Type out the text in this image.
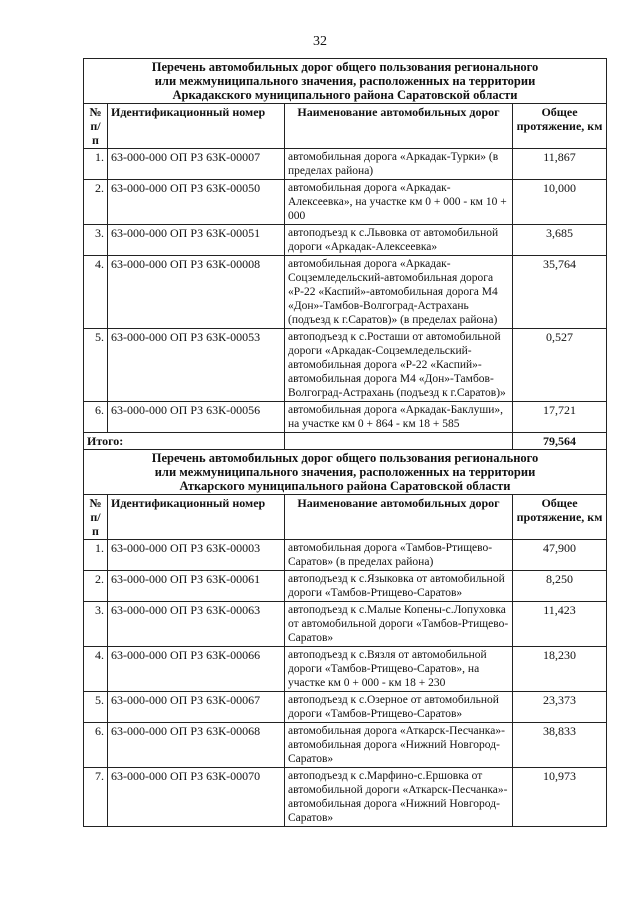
32
Перечень автомобильных дорог общего пользования регионального
или межмуниципального значения, расположенных на территории
Аркадакского муниципального района Саратовской области			

№ п/п	Идентификационный номер	Наименование автомобильных дорог	Общее протяжение, км
1.	63-000-000 ОП РЗ 63К-00007	автомобильная дорога «Аркадак-Турки» (в пределах района)	11,867
2.	63-000-000 ОП РЗ 63К-00050	автомобильная дорога «Аркадак-Алексеевка», на участке км 0 + 000 - км 10 + 000	10,000
3.	63-000-000 ОП РЗ 63К-00051	автоподъезд к с.Львовка от автомобильной дороги «Аркадак-Алексеевка»	3,685
4.	63-000-000 ОП РЗ 63К-00008	автомобильная дорога «Аркадак-Соцземледельский-автомобильная дорога «Р-22 «Каспий»-автомобильная дорога М4 «Дон»-Тамбов-Волгоград-Астрахань (подъезд к г.Саратов)» (в пределах района)	35,764
5.	63-000-000 ОП РЗ 63К-00053	автоподъезд к с.Росташи от автомобильной дороги «Аркадак-Соцземледельский-автомобильная дорога «Р-22 «Каспий»-автомобильная дорога М4 «Дон»-Тамбов-Волгоград-Астрахань (подъезд к г.Саратов)»	0,527
6.	63-000-000 ОП РЗ 63К-00056	автомобильная дорога «Аркадак-Баклуши», на участке км 0 + 864 - км 18 + 585	17,721
Итого:			79,564

Перечень автомобильных дорог общего пользования регионального
или межмуниципального значения, расположенных на территории
Аткарского муниципального района Саратовской области			

№ п/п	Идентификационный номер	Наименование автомобильных дорог	Общее протяжение, км
1.	63-000-000 ОП РЗ 63К-00003	автомобильная дорога «Тамбов-Ртищево-Саратов» (в пределах района)	47,900
2.	63-000-000 ОП РЗ 63К-00061	автоподъезд к с.Языковка от автомобильной дороги «Тамбов-Ртищево-Саратов»	8,250
3.	63-000-000 ОП РЗ 63К-00063	автоподъезд к с.Малые Копены-с.Лопуховка от автомобильной дороги «Тамбов-Ртищево-Саратов»	11,423
4.	63-000-000 ОП РЗ 63К-00066	автоподъезд к с.Вязля от автомобильной дороги «Тамбов-Ртищево-Саратов», на участке км 0 + 000 - км 18 + 230	18,230
5.	63-000-000 ОП РЗ 63К-00067	автоподъезд к с.Озерное от автомобильной дороги «Тамбов-Ртищево-Саратов»	23,373
6.	63-000-000 ОП РЗ 63К-00068	автомобильная дорога «Аткарск-Песчанка»-автомобильная дорога «Нижний Новгород-Саратов»	38,833
7.	63-000-000 ОП РЗ 63К-00070	автоподъезд к с.Марфино-с.Ершовка от автомобильной дороги «Аткарск-Песчанка»-автомобильная дорога «Нижний Новгород-Саратов»	10,973
